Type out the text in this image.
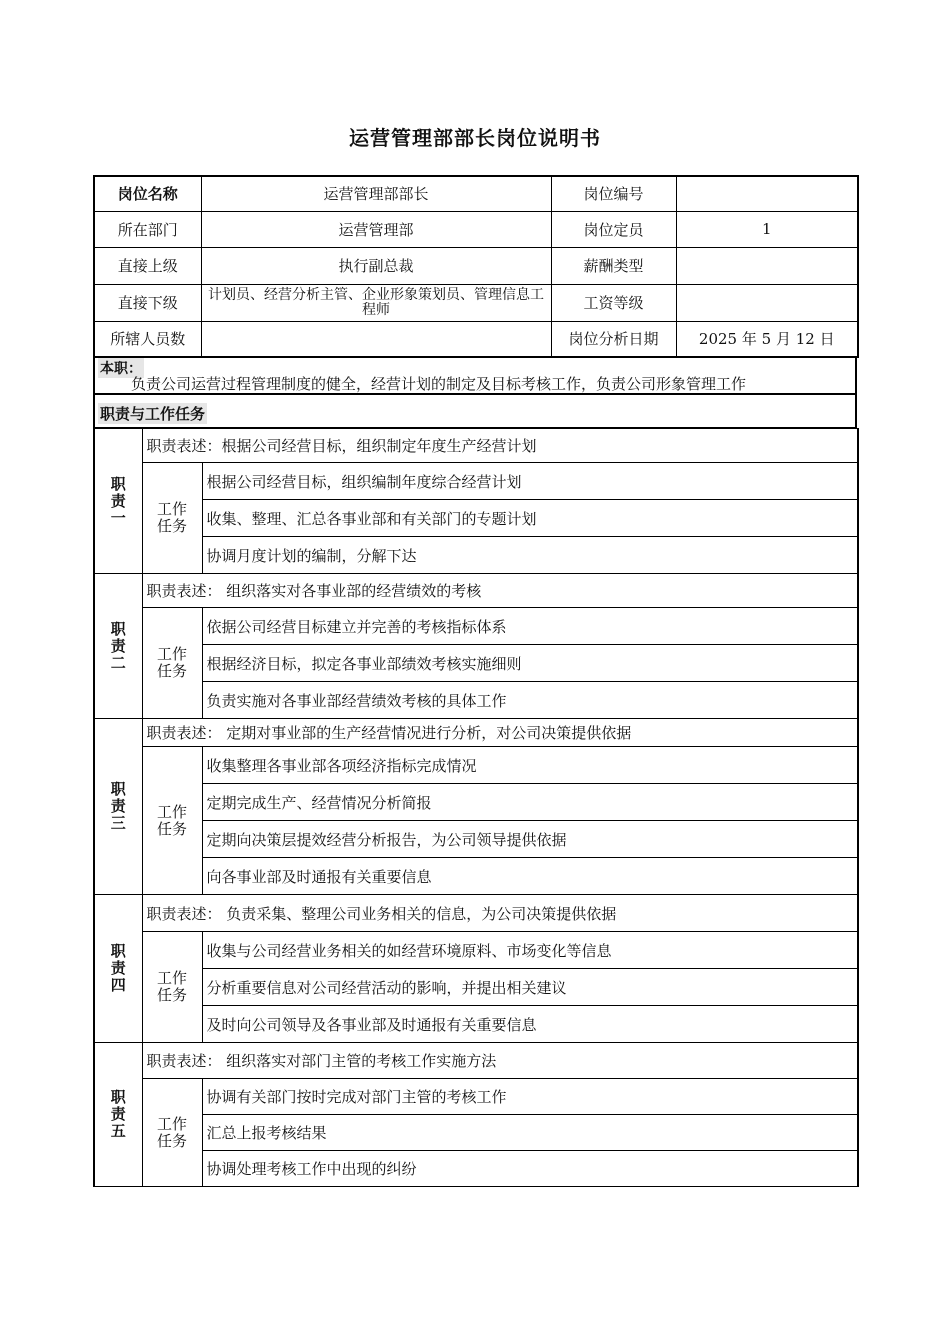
运营管理部部长岗位说明书
岗位名称	运营管理部部长	岗位编号	
所在部门	运营管理部	岗位定员	1
直接上级	执行副总裁	薪酬类型	
直接下级	计划员、经营分析主管、企业形象策划员、管理信息工程师	工资等级	
所辖人员数		岗位分析日期	2025 年 5 月 12 日
本职：
负责公司运营过程管理制度的健全，经营计划的制定及目标考核工作，负责公司形象管理工作
职责与工作任务
职责一	职责表述：根据公司经营目标，组织制定年度生产经营计划	
	工作任务	根据公司经营目标，组织编制年度综合经营计划
		收集、整理、汇总各事业部和有关部门的专题计划
		协调月度计划的编制，分解下达
职责二	职责表述： 组织落实对各事业部的经营绩效的考核	
	工作任务	依据公司经营目标建立并完善的考核指标体系
		根据经济目标，拟定各事业部绩效考核实施细则
		负责实施对各事业部经营绩效考核的具体工作
职责三	职责表述： 定期对事业部的生产经营情况进行分析，对公司决策提供依据	
	工作任务	收集整理各事业部各项经济指标完成情况
		定期完成生产、经营情况分析简报
		定期向决策层提效经营分析报告，为公司领导提供依据
		向各事业部及时通报有关重要信息
职责四	职责表述： 负责采集、整理公司业务相关的信息，为公司决策提供依据	
	工作任务	收集与公司经营业务相关的如经营环境原料、市场变化等信息
		分析重要信息对公司经营活动的影响，并提出相关建议
		及时向公司领导及各事业部及时通报有关重要信息
职责五	职责表述： 组织落实对部门主管的考核工作实施方法	
	工作任务	协调有关部门按时完成对部门主管的考核工作
		汇总上报考核结果
		协调处理考核工作中出现的纠纷
